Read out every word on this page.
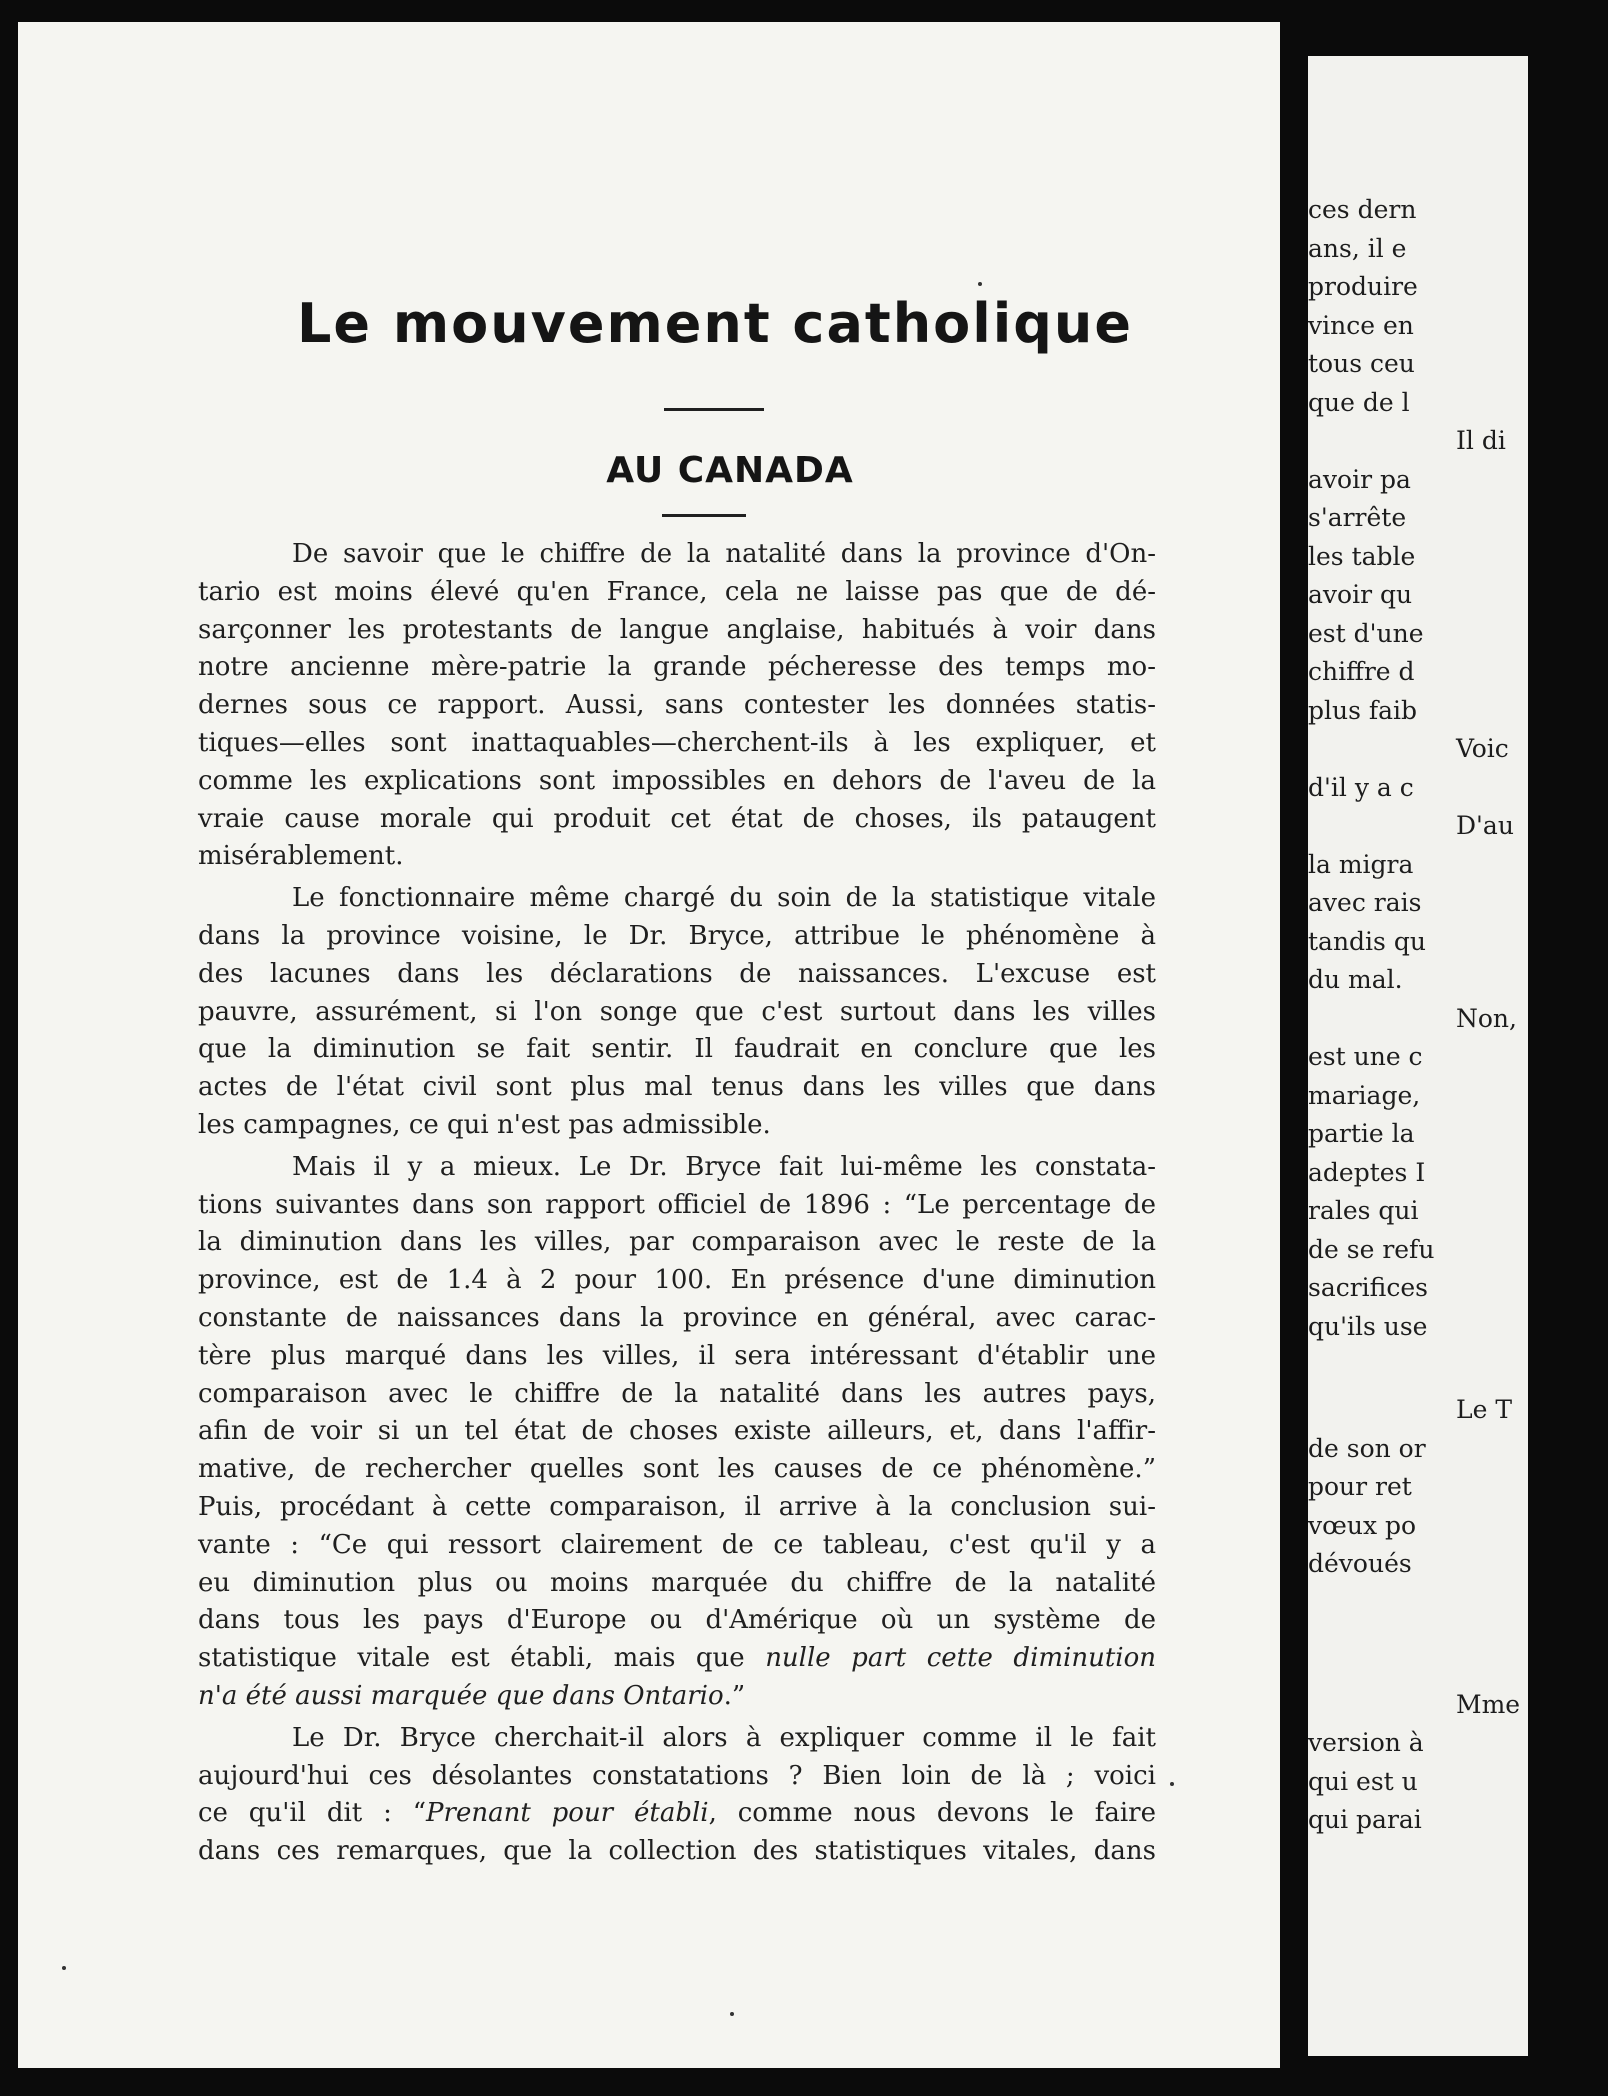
Le mouvement catholique
AU CANADA

De savoir que le chiffre de la natalité dans la province d'On-
tario est moins élevé qu'en France, cela ne laisse pas que de dé-
sarçonner les protestants de langue anglaise, habitués à voir dans
notre ancienne mère-patrie la grande pécheresse des temps mo-
dernes sous ce rapport. Aussi, sans contester les données statis-
tiques—elles sont inattaquables—cherchent-ils à les expliquer, et
comme les explications sont impossibles en dehors de l'aveu de la
vraie cause morale qui produit cet état de choses, ils pataugent
misérablement.

Le fonctionnaire même chargé du soin de la statistique vitale
dans la province voisine, le Dr. Bryce, attribue le phénomène à
des lacunes dans les déclarations de naissances. L'excuse est
pauvre, assurément, si l'on songe que c'est surtout dans les villes
que la diminution se fait sentir. Il faudrait en conclure que les
actes de l'état civil sont plus mal tenus dans les villes que dans
les campagnes, ce qui n'est pas admissible.

Mais il y a mieux. Le Dr. Bryce fait lui-même les constata-
tions suivantes dans son rapport officiel de 1896 : “Le percentage de
la diminution dans les villes, par comparaison avec le reste de la
province, est de 1.4 à 2 pour 100. En présence d'une diminution
constante de naissances dans la province en général, avec carac-
tère plus marqué dans les villes, il sera intéressant d'établir une
comparaison avec le chiffre de la natalité dans les autres pays,
afin de voir si un tel état de choses existe ailleurs, et, dans l'affir-
mative, de rechercher quelles sont les causes de ce phénomène.”
Puis, procédant à cette comparaison, il arrive à la conclusion sui-
vante : “Ce qui ressort clairement de ce tableau, c'est qu'il y a
eu diminution plus ou moins marquée du chiffre de la natalité
dans tous les pays d'Europe ou d'Amérique où un système de
statistique vitale est établi, mais que nulle part cette diminution
n'a été aussi marquée que dans Ontario.”

Le Dr. Bryce cherchait-il alors à expliquer comme il le fait
aujourd'hui ces désolantes constatations ? Bien loin de là ; voici
ce qu'il dit : “Prenant pour établi, comme nous devons le faire
dans ces remarques, que la collection des statistiques vitales, dans

ces dern
ans, il e
produire
vince en
tous ceu
que de l
Il di
avoir pa
s'arrête
les table
avoir qu
est d'une
chiffre d
plus faib
Voic
d'il y a c
D'au
la migra
avec rais
tandis qu
du mal.
Non,
est une c
mariage,
partie la
adeptes I
rales qui
de se refu
sacrifices
qu'ils use
Le T
de son or
pour ret
vœux po
dévoués
Mme
version à
qui est u
qui parai
